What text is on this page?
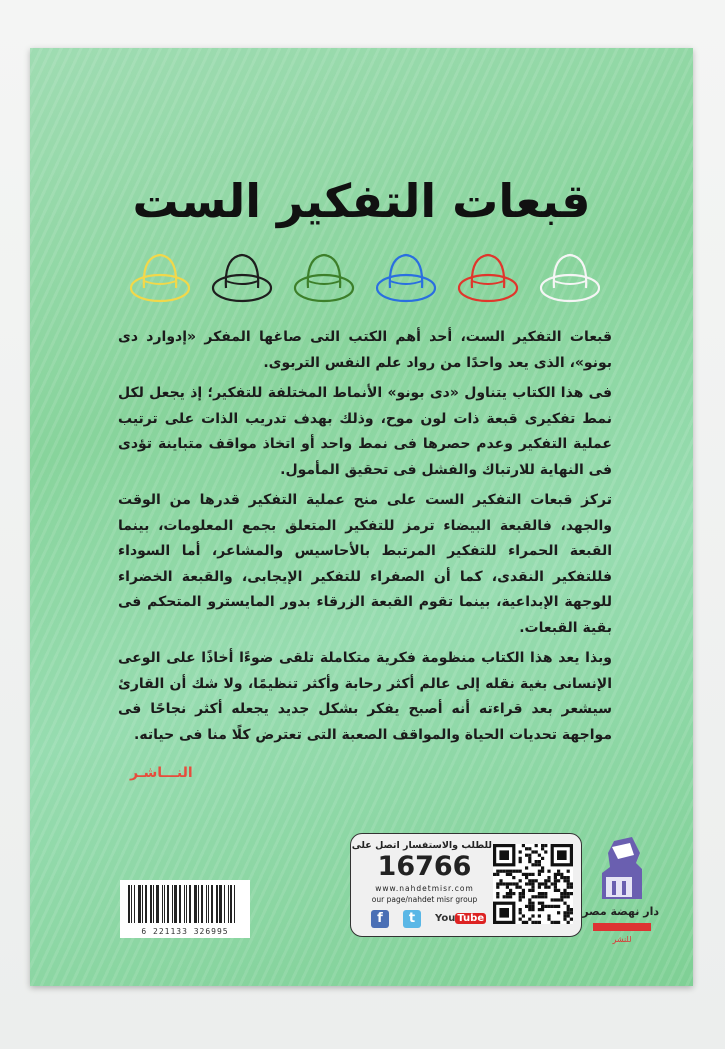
قبعات التفكير الست

قبعات التفكير الست، أحد أهم الكتب التى صاغها المفكر «إدوارد دى بونو»، الذى يعد واحدًا من رواد علم النفس التربوى.

فى هذا الكتاب يتناول «دى بونو» الأنماط المختلفة للتفكير؛ إذ يجعل لكل نمط تفكيرى قبعة ذات لون موح، وذلك بهدف تدريب الذات على ترتيب عملية التفكير وعدم حصرها فى نمط واحد أو اتخاذ مواقف متباينة تؤدى فى النهاية للارتباك والفشل فى تحقيق المأمول.

تركز قبعات التفكير الست على منح عملية التفكير قدرها من الوقت والجهد، فالقبعة البيضاء ترمز للتفكير المتعلق بجمع المعلومات، بينما القبعة الحمراء للتفكير المرتبط بالأحاسيس والمشاعر، أما السوداء فللتفكير النقدى، كما أن الصفراء للتفكير الإيجابى، والقبعة الخضراء للوجهة الإبداعية، بينما تقوم القبعة الزرقاء بدور المايسترو المتحكم فى بقية القبعات.

وبذا يعد هذا الكتاب منظومة فكرية متكاملة تلقى ضوءًا أخاذًا على الوعى الإنسانى بغية نقله إلى عالم أكثر رحابة وأكثر تنظيمًا، ولا شك أن القارئ سيشعر بعد قراءته أنه أصبح يفكر بشكل جديد يجعله أكثر نجاحًا فى مواجهة تحديات الحياة والمواقف الصعبة التى تعترض كلًا منا فى حياته.

النـــاشـر
6 221133 326995
للطلب والاستفسار اتصل على
16766
www.nahdetmisr.com
our page/nahdet misr group
f	t	You Tube
دار نهضة مصر
للنشر
